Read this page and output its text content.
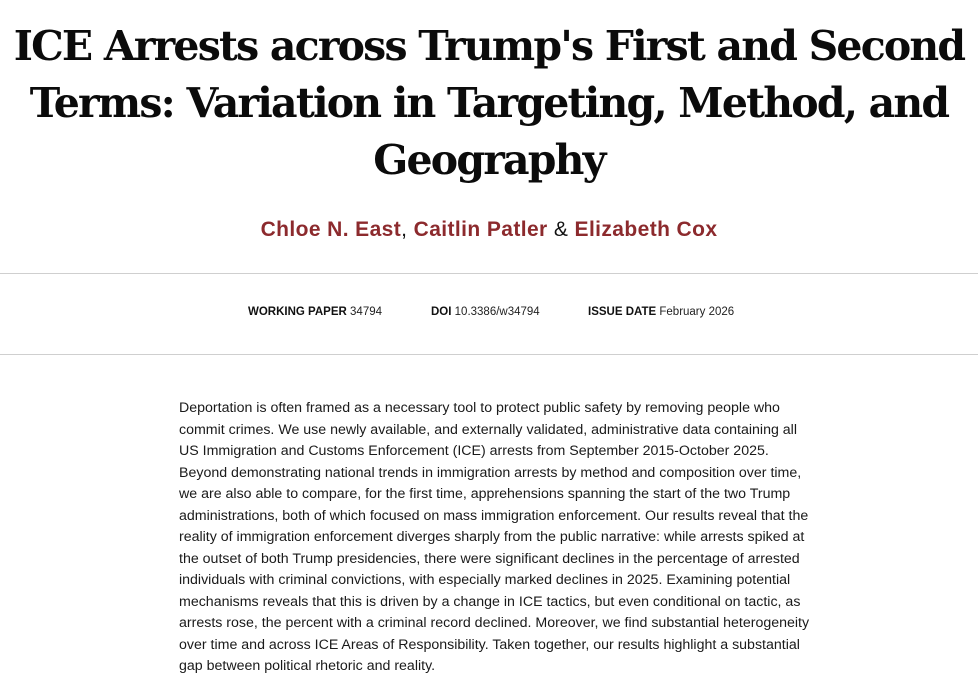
ICE Arrests across Trump's First and Second Terms: Variation in Targeting, Method, and Geography
Chloe N. East, Caitlin Patler & Elizabeth Cox
WORKING PAPER 34794	DOI 10.3386/w34794	ISSUE DATE February 2026

Deportation is often framed as a necessary tool to protect public safety by removing people who commit crimes. We use newly available, and externally validated, administrative data containing all US Immigration and Customs Enforcement (ICE) arrests from September 2015-October 2025. Beyond demonstrating national trends in immigration arrests by method and composition over time, we are also able to compare, for the first time, apprehensions spanning the start of the two Trump administrations, both of which focused on mass immigration enforcement. Our results reveal that the reality of immigration enforcement diverges sharply from the public narrative: while arrests spiked at the outset of both Trump presidencies, there were significant declines in the percentage of arrested individuals with criminal convictions, with especially marked declines in 2025. Examining potential mechanisms reveals that this is driven by a change in ICE tactics, but even conditional on tactic, as arrests rose, the percent with a criminal record declined. Moreover, we find substantial heterogeneity over time and across ICE Areas of Responsibility. Taken together, our results highlight a substantial gap between political rhetoric and reality.
